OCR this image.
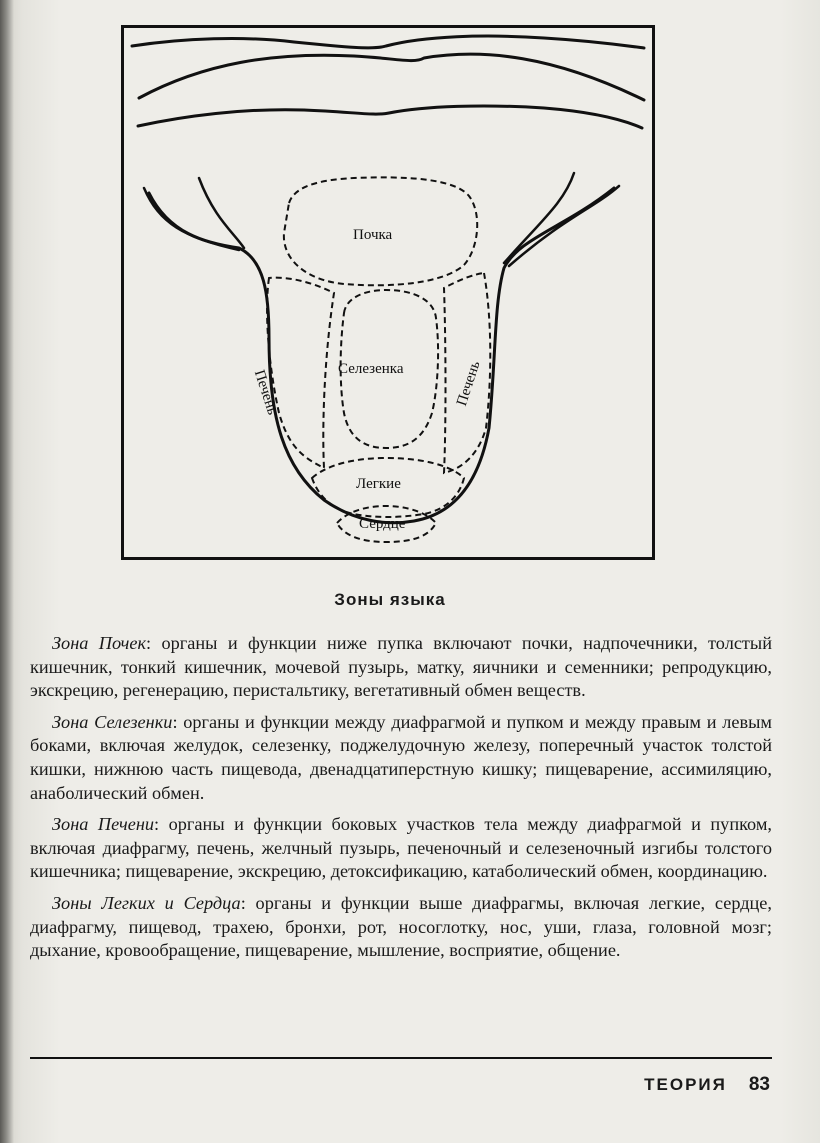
Почка
Селезенка
Печень	Печень
Легкие
Сердце
Зоны языка

Зона Почек: органы и функции ниже пупка включают почки, надпочечники, толстый кишечник, тонкий кишечник, мочевой пузырь, матку, яичники и семенники; репродукцию, экскрецию, регенерацию, перистальтику, вегетативный обмен веществ.

Зона Селезенки: органы и функции между диафрагмой и пупком и между правым и левым боками, включая желудок, селезенку, поджелудочную железу, поперечный участок толстой кишки, нижнюю часть пищевода, двенадцатиперстную кишку; пищеварение, ассимиляцию, анаболический обмен.

Зона Печени: органы и функции боковых участков тела между диафрагмой и пупком, включая диафрагму, печень, желчный пузырь, печеночный и селезеночный изгибы толстого кишечника; пищеварение, экскрецию, детоксификацию, катаболический обмен, координацию.

Зоны Легких и Сердца: органы и функции выше диафрагмы, включая легкие, сердце, диафрагму, пищевод, трахею, бронхи, рот, носоглотку, нос, уши, глаза, головной мозг; дыхание, кровообращение, пищеварение, мышление, восприятие, общение.

ТЕОРИЯ 83
